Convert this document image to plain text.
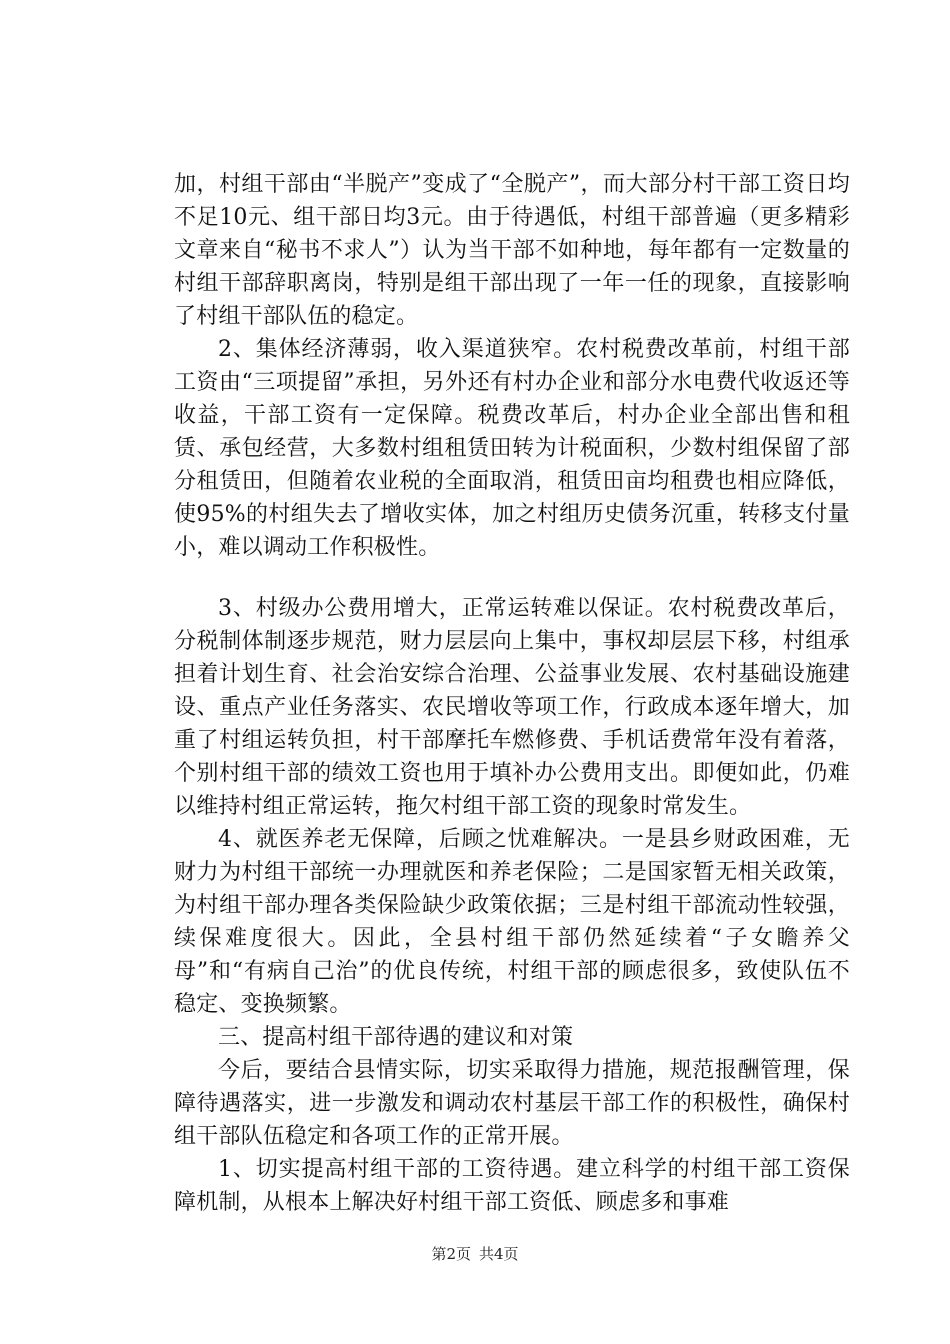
加，村组干部由“半脱产”变成了“全脱产”，而大部分村干部工资日均不足10元、组干部日均3元。由于待遇低，村组干部普遍（更多精彩文章来自“秘书不求人”）认为当干部不如种地，每年都有一定数量的村组干部辞职离岗，特别是组干部出现了一年一任的现象，直接影响了村组干部队伍的稳定。

2、集体经济薄弱，收入渠道狭窄。农村税费改革前，村组干部工资由“三项提留”承担，另外还有村办企业和部分水电费代收返还等收益，干部工资有一定保障。税费改革后，村办企业全部出售和租赁、承包经营，大多数村组租赁田转为计税面积，少数村组保留了部分租赁田，但随着农业税的全面取消，租赁田亩均租费也相应降低，使95%的村组失去了增收实体，加之村组历史债务沉重，转移支付量小，难以调动工作积极性。

3、村级办公费用增大，正常运转难以保证。农村税费改革后，分税制体制逐步规范，财力层层向上集中，事权却层层下移，村组承担着计划生育、社会治安综合治理、公益事业发展、农村基础设施建设、重点产业任务落实、农民增收等项工作，行政成本逐年增大，加重了村组运转负担，村干部摩托车燃修费、手机话费常年没有着落，个别村组干部的绩效工资也用于填补办公费用支出。即便如此，仍难以维持村组正常运转，拖欠村组干部工资的现象时常发生。

4、就医养老无保障，后顾之忧难解决。一是县乡财政困难，无财力为村组干部统一办理就医和养老保险；二是国家暂无相关政策，为村组干部办理各类保险缺少政策依据；三是村组干部流动性较强，续保难度很大。因此，全县村组干部仍然延续着“子女瞻养父母”和“有病自己治”的优良传统，村组干部的顾虑很多，致使队伍不稳定、变换频繁。

三、提高村组干部待遇的建议和对策

今后，要结合县情实际，切实采取得力措施，规范报酬管理，保障待遇落实，进一步激发和调动农村基层干部工作的积极性，确保村组干部队伍稳定和各项工作的正常开展。

1、切实提高村组干部的工资待遇。建立科学的村组干部工资保障机制，从根本上解决好村组干部工资低、顾虑多和事难

第2页 共4页
